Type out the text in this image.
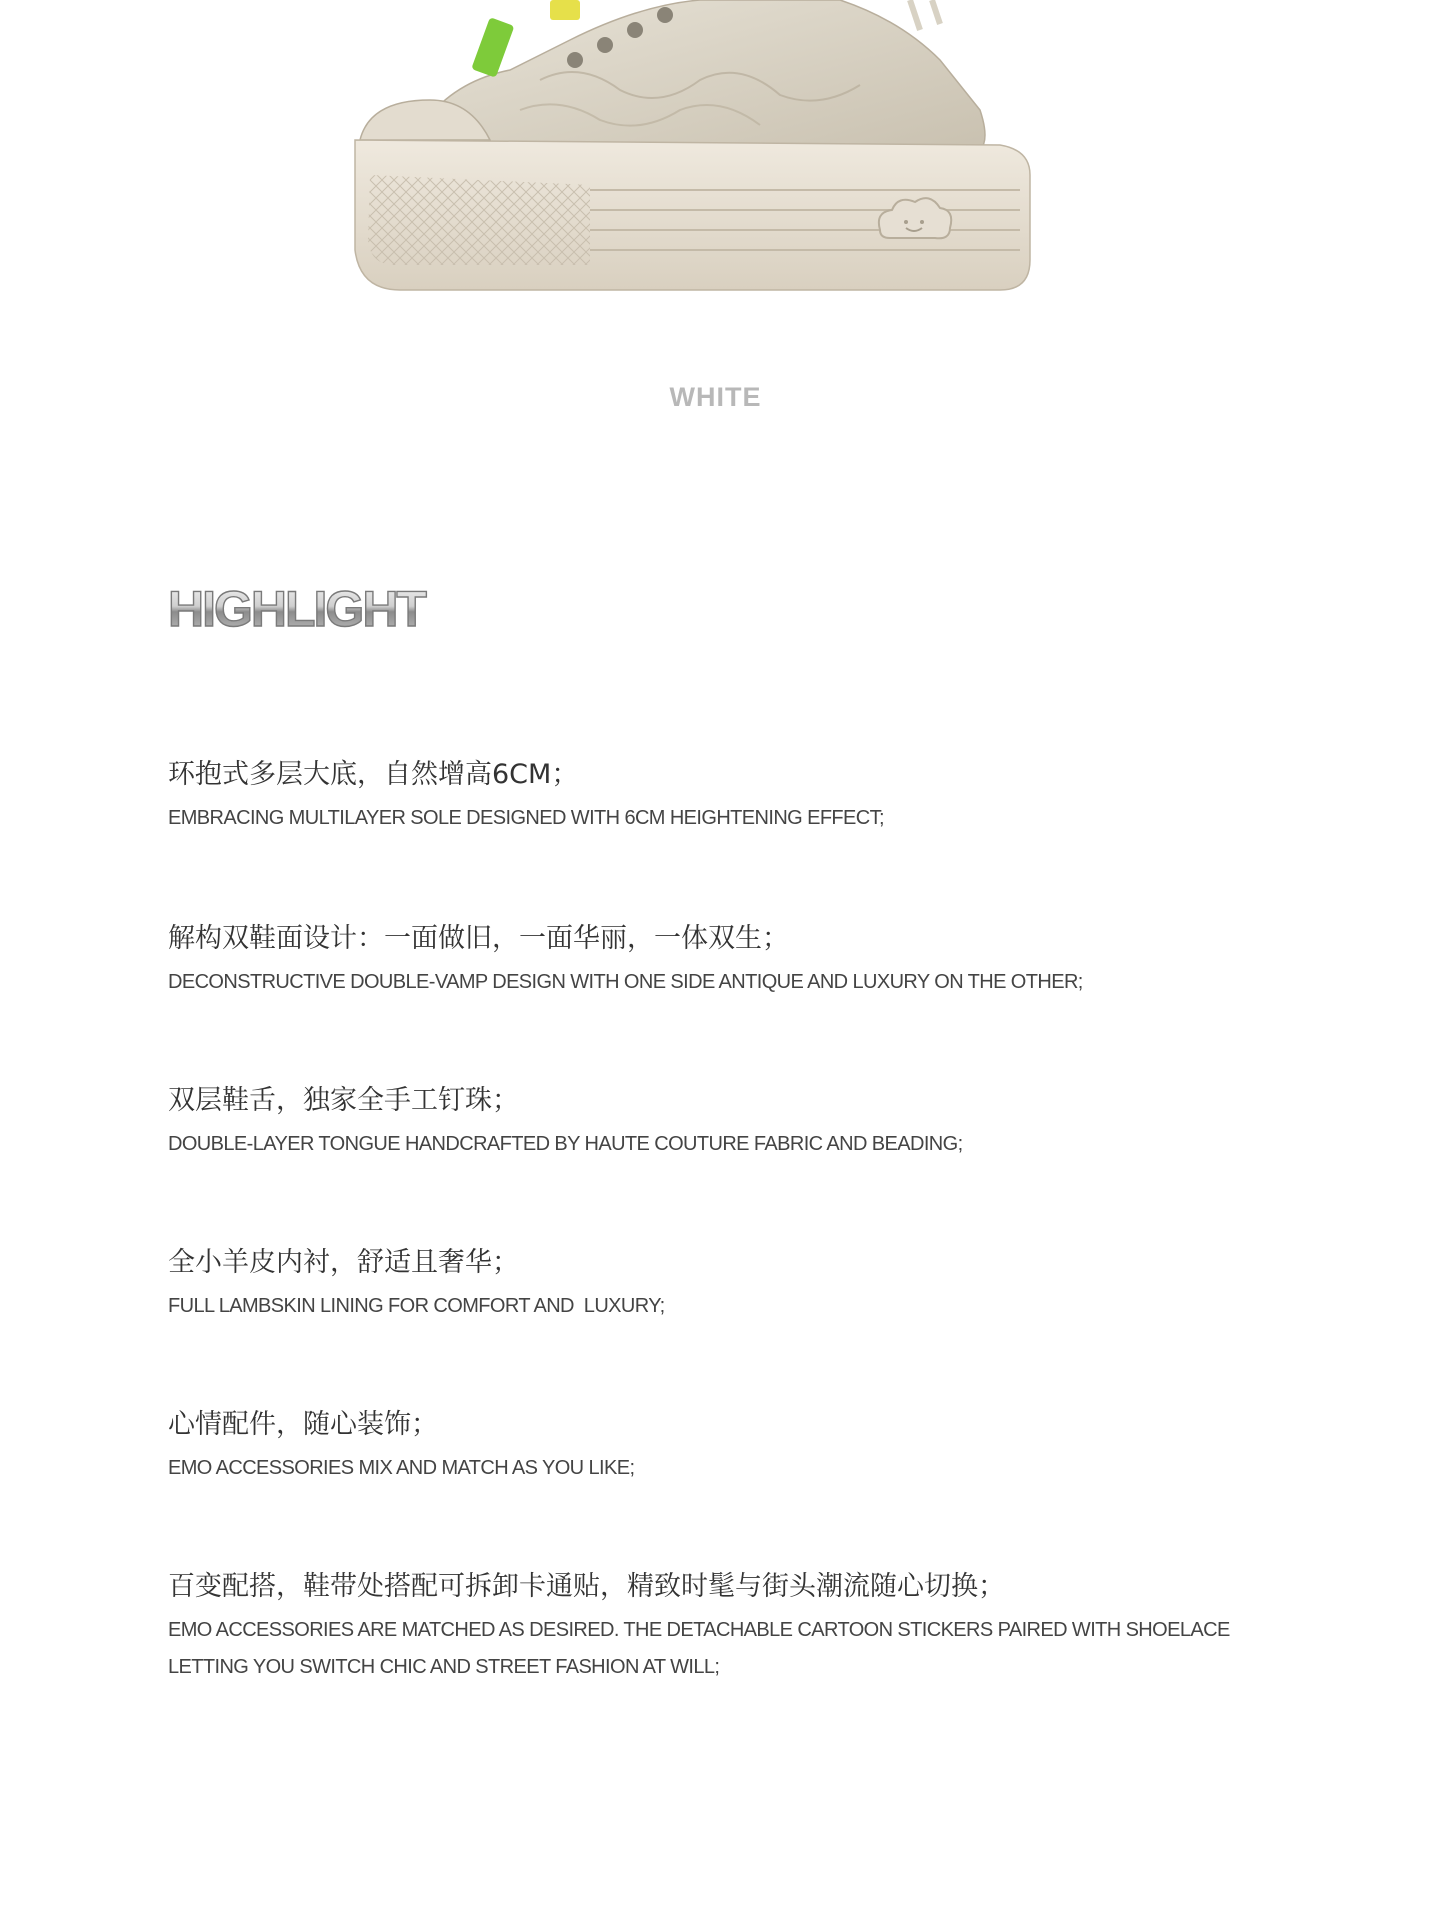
WHITE
HIGHLIGHT
环抱式多层大底，自然增高6CM；
EMBRACING MULTILAYER SOLE DESIGNED WITH 6CM HEIGHTENING EFFECT;
解构双鞋面设计：一面做旧，一面华丽，一体双生；
DECONSTRUCTIVE DOUBLE-VAMP DESIGN WITH ONE SIDE ANTIQUE AND LUXURY ON THE OTHER;
双层鞋舌，独家全手工钉珠；
DOUBLE-LAYER TONGUE HANDCRAFTED BY HAUTE COUTURE FABRIC AND BEADING;
全小羊皮内衬，舒适且奢华；
FULL LAMBSKIN LINING FOR COMFORT AND  LUXURY;
心情配件，随心装饰；
EMO ACCESSORIES MIX AND MATCH AS YOU LIKE;
百变配搭，鞋带处搭配可拆卸卡通贴，精致时髦与街头潮流随心切换；
EMO ACCESSORIES ARE MATCHED AS DESIRED. THE DETACHABLE CARTOON STICKERS PAIRED WITH SHOELACE
LETTING YOU SWITCH CHIC AND STREET FASHION AT WILL;
